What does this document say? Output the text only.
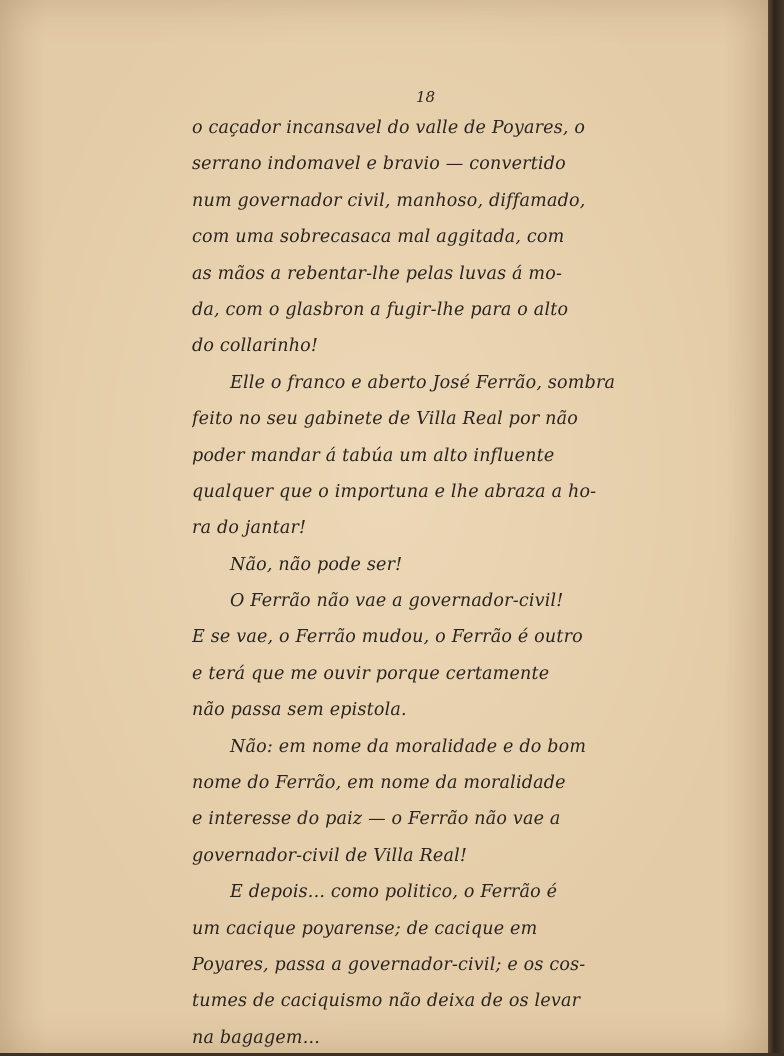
18
o caçador incansavel do valle de Poyares, o
serrano indomavel e bravio — convertido
num governador civil, manhoso, diffamado,
com uma sobrecasaca mal aggitada, com
as mãos a rebentar-lhe pelas luvas á mo-
da, com o glasbron a fugir-lhe para o alto
do collarinho!
Elle o franco e aberto José Ferrão, sombra
feito no seu gabinete de Villa Real por não
poder mandar á tabúa um alto influente
qualquer que o importuna e lhe abraza a ho-
ra do jantar!
Não, não pode ser!
O Ferrão não vae a governador-civil!
E se vae, o Ferrão mudou, o Ferrão é outro
e terá que me ouvir porque certamente
não passa sem epistola.
Não: em nome da moralidade e do bom
nome do Ferrão, em nome da moralidade
e interesse do paiz — o Ferrão não vae a
governador-civil de Villa Real!
E depois... como politico, o Ferrão é
um cacique poyarense; de cacique em
Poyares, passa a governador-civil; e os cos-
tumes de caciquismo não deixa de os levar
na bagagem...
